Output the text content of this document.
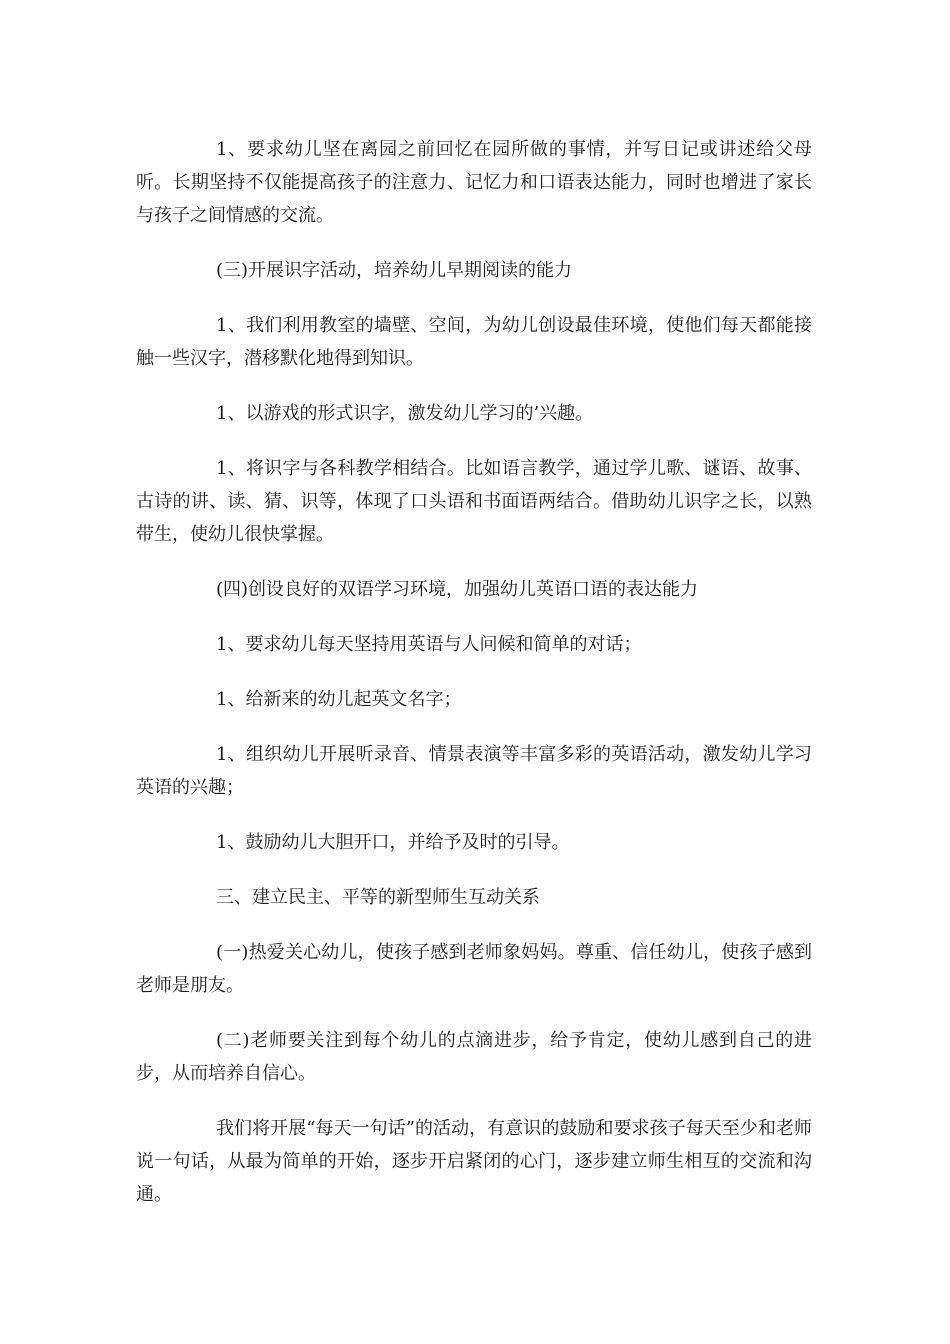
1、要求幼儿坚在离园之前回忆在园所做的事情，并写日记或讲述给父母听。长期坚持不仅能提高孩子的注意力、记忆力和口语表达能力，同时也增进了家长与孩子之间情感的交流。

(三)开展识字活动，培养幼儿早期阅读的能力

1、我们利用教室的墙壁、空间，为幼儿创设最佳环境，使他们每天都能接触一些汉字，潜移默化地得到知识。

1、以游戏的形式识字，激发幼儿学习的’兴趣。

1、将识字与各科教学相结合。比如语言教学，通过学儿歌、谜语、故事、古诗的讲、读、猜、识等，体现了口头语和书面语两结合。借助幼儿识字之长，以熟带生，使幼儿很快掌握。

(四)创设良好的双语学习环境，加强幼儿英语口语的表达能力

1、要求幼儿每天坚持用英语与人问候和简单的对话；

1、给新来的幼儿起英文名字；

1、组织幼儿开展听录音、情景表演等丰富多彩的英语活动，激发幼儿学习英语的兴趣；

1、鼓励幼儿大胆开口，并给予及时的引导。

三、建立民主、平等的新型师生互动关系

(一)热爱关心幼儿，使孩子感到老师象妈妈。尊重、信任幼儿，使孩子感到老师是朋友。

(二)老师要关注到每个幼儿的点滴进步，给予肯定，使幼儿感到自己的进步，从而培养自信心。

我们将开展“每天一句话”的活动，有意识的鼓励和要求孩子每天至少和老师说一句话，从最为简单的开始，逐步开启紧闭的心门，逐步建立师生相互的交流和沟通。
